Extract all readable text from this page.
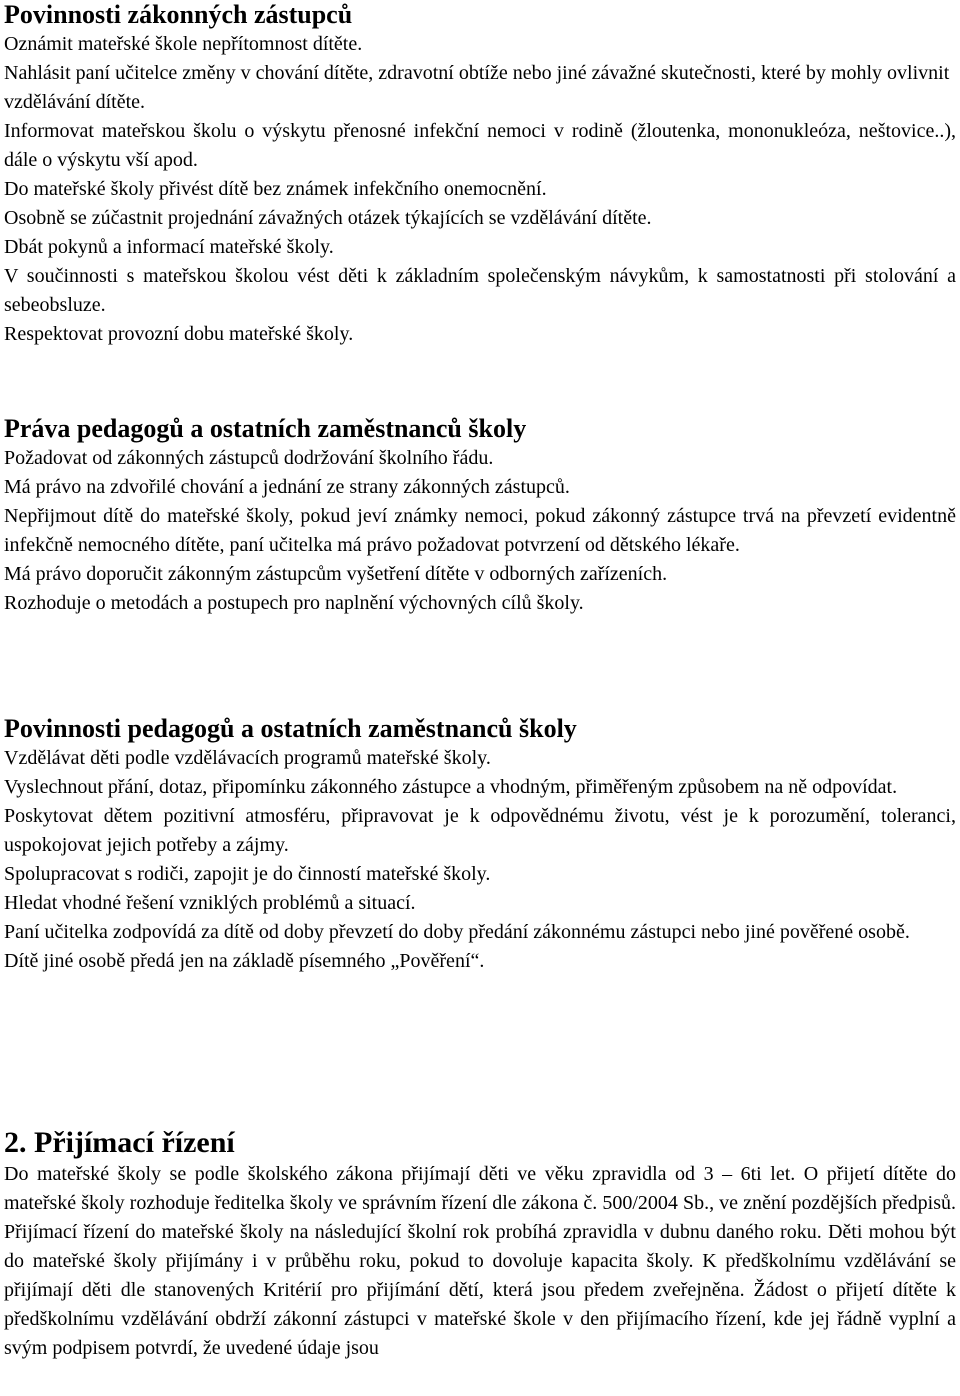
Povinnosti zákonných zástupců

Oznámit mateřské škole nepřítomnost dítěte.

Nahlásit paní učitelce změny v chování dítěte, zdravotní obtíže nebo jiné závažné skutečnosti, které by mohly ovlivnit vzdělávání dítěte.

Informovat mateřskou školu o výskytu přenosné infekční nemoci v rodině (žloutenka, mononukleóza, neštovice..), dále o výskytu vší apod.

Do mateřské školy přivést dítě bez známek infekčního onemocnění.

Osobně se zúčastnit projednání závažných otázek týkajících se vzdělávání dítěte.

Dbát pokynů a informací mateřské školy.

V součinnosti s mateřskou školou vést děti k základním společenským návykům, k samostatnosti při stolování a sebeobsluze.

Respektovat provozní dobu mateřské školy.

Práva pedagogů a ostatních zaměstnanců školy

Požadovat od zákonných zástupců dodržování školního řádu.

Má právo na zdvořilé chování a jednání ze strany zákonných zástupců.

Nepřijmout dítě do mateřské školy, pokud jeví známky nemoci, pokud zákonný zástupce trvá na převzetí evidentně infekčně nemocného dítěte, paní učitelka má právo požadovat potvrzení od dětského lékaře.

Má právo doporučit zákonným zástupcům vyšetření dítěte v odborných zařízeních.

Rozhoduje o metodách a postupech pro naplnění výchovných cílů školy.

Povinnosti pedagogů a ostatních zaměstnanců školy

Vzdělávat děti podle vzdělávacích programů mateřské školy.

Vyslechnout přání, dotaz, připomínku zákonného zástupce a vhodným, přiměřeným způsobem na ně odpovídat.

Poskytovat dětem pozitivní atmosféru, připravovat je k odpovědnému životu, vést je k porozumění, toleranci, uspokojovat jejich potřeby a zájmy.

Spolupracovat s rodiči, zapojit je do činností mateřské školy.

Hledat vhodné řešení vzniklých problémů a situací.

Paní učitelka zodpovídá za dítě od doby převzetí do doby předání zákonnému zástupci nebo jiné pověřené osobě.

Dítě jiné osobě předá jen na základě písemného „Pověření“.

2. Přijímací řízení

Do mateřské školy se podle školského zákona přijímají děti ve věku zpravidla od 3 – 6ti let. O přijetí dítěte do mateřské školy rozhoduje ředitelka školy ve správním řízení dle zákona č. 500/2004 Sb., ve znění pozdějších předpisů. Přijímací řízení do mateřské školy na následující školní rok probíhá zpravidla v dubnu daného roku. Děti mohou být do mateřské školy přijímány i v průběhu roku, pokud to dovoluje kapacita školy. K předškolnímu vzdělávání se přijímají děti dle stanovených Kritérií pro přijímání dětí, která jsou předem zveřejněna. Žádost o přijetí dítěte k předškolnímu vzdělávání obdrží zákonní zástupci v mateřské škole v den přijímacího řízení, kde jej řádně vyplní a svým podpisem potvrdí, že uvedené údaje jsou
